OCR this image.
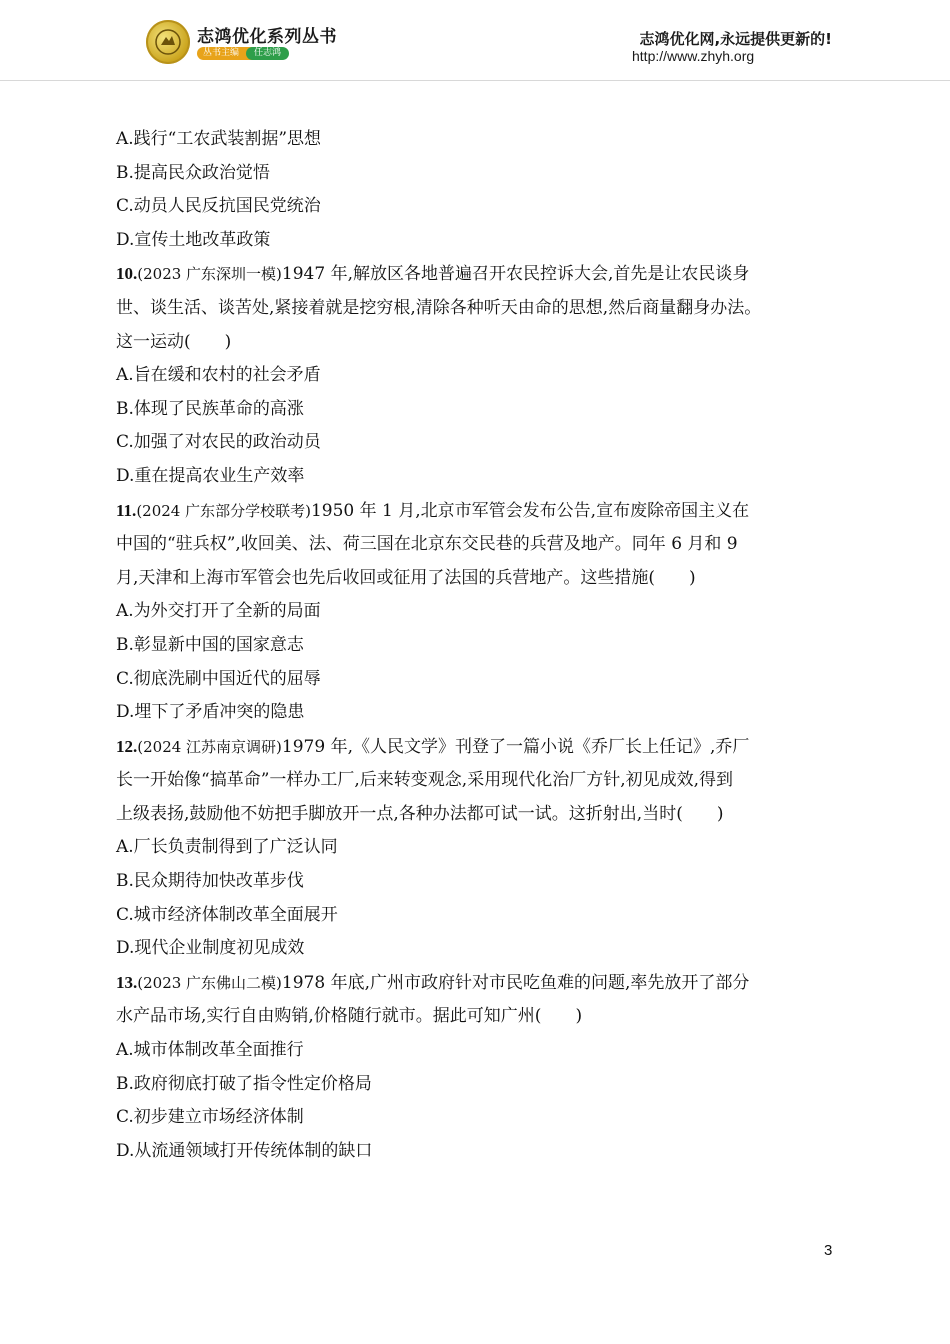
志鸿优化系列丛书
丛书主编	任志鸿
志鸿优化网,永远提供更新的!
http://www.zhyh.org
A.践行“工农武装割据”思想
B.提高民众政治觉悟
C.动员人民反抗国民党统治
D.宣传土地改革政策
10.(2023 广东深圳一模)1947 年,解放区各地普遍召开农民控诉大会,首先是让农民谈身
世、谈生活、谈苦处,紧接着就是挖穷根,清除各种听天由命的思想,然后商量翻身办法。
这一运动(　　)
A.旨在缓和农村的社会矛盾
B.体现了民族革命的高涨
C.加强了对农民的政治动员
D.重在提高农业生产效率
11.(2024 广东部分学校联考)1950 年 1 月,北京市军管会发布公告,宣布废除帝国主义在
中国的“驻兵权”,收回美、法、荷三国在北京东交民巷的兵营及地产。同年 6 月和 9
月,天津和上海市军管会也先后收回或征用了法国的兵营地产。这些措施(　　)
A.为外交打开了全新的局面
B.彰显新中国的国家意志
C.彻底洗刷中国近代的屈辱
D.埋下了矛盾冲突的隐患
12.(2024 江苏南京调研)1979 年,《人民文学》刊登了一篇小说《乔厂长上任记》,乔厂
长一开始像“搞革命”一样办工厂,后来转变观念,采用现代化治厂方针,初见成效,得到
上级表扬,鼓励他不妨把手脚放开一点,各种办法都可试一试。这折射出,当时(　　)
A.厂长负责制得到了广泛认同
B.民众期待加快改革步伐
C.城市经济体制改革全面展开
D.现代企业制度初见成效
13.(2023 广东佛山二模)1978 年底,广州市政府针对市民吃鱼难的问题,率先放开了部分
水产品市场,实行自由购销,价格随行就市。据此可知广州(　　)
A.城市体制改革全面推行
B.政府彻底打破了指令性定价格局
C.初步建立市场经济体制
D.从流通领域打开传统体制的缺口
3
